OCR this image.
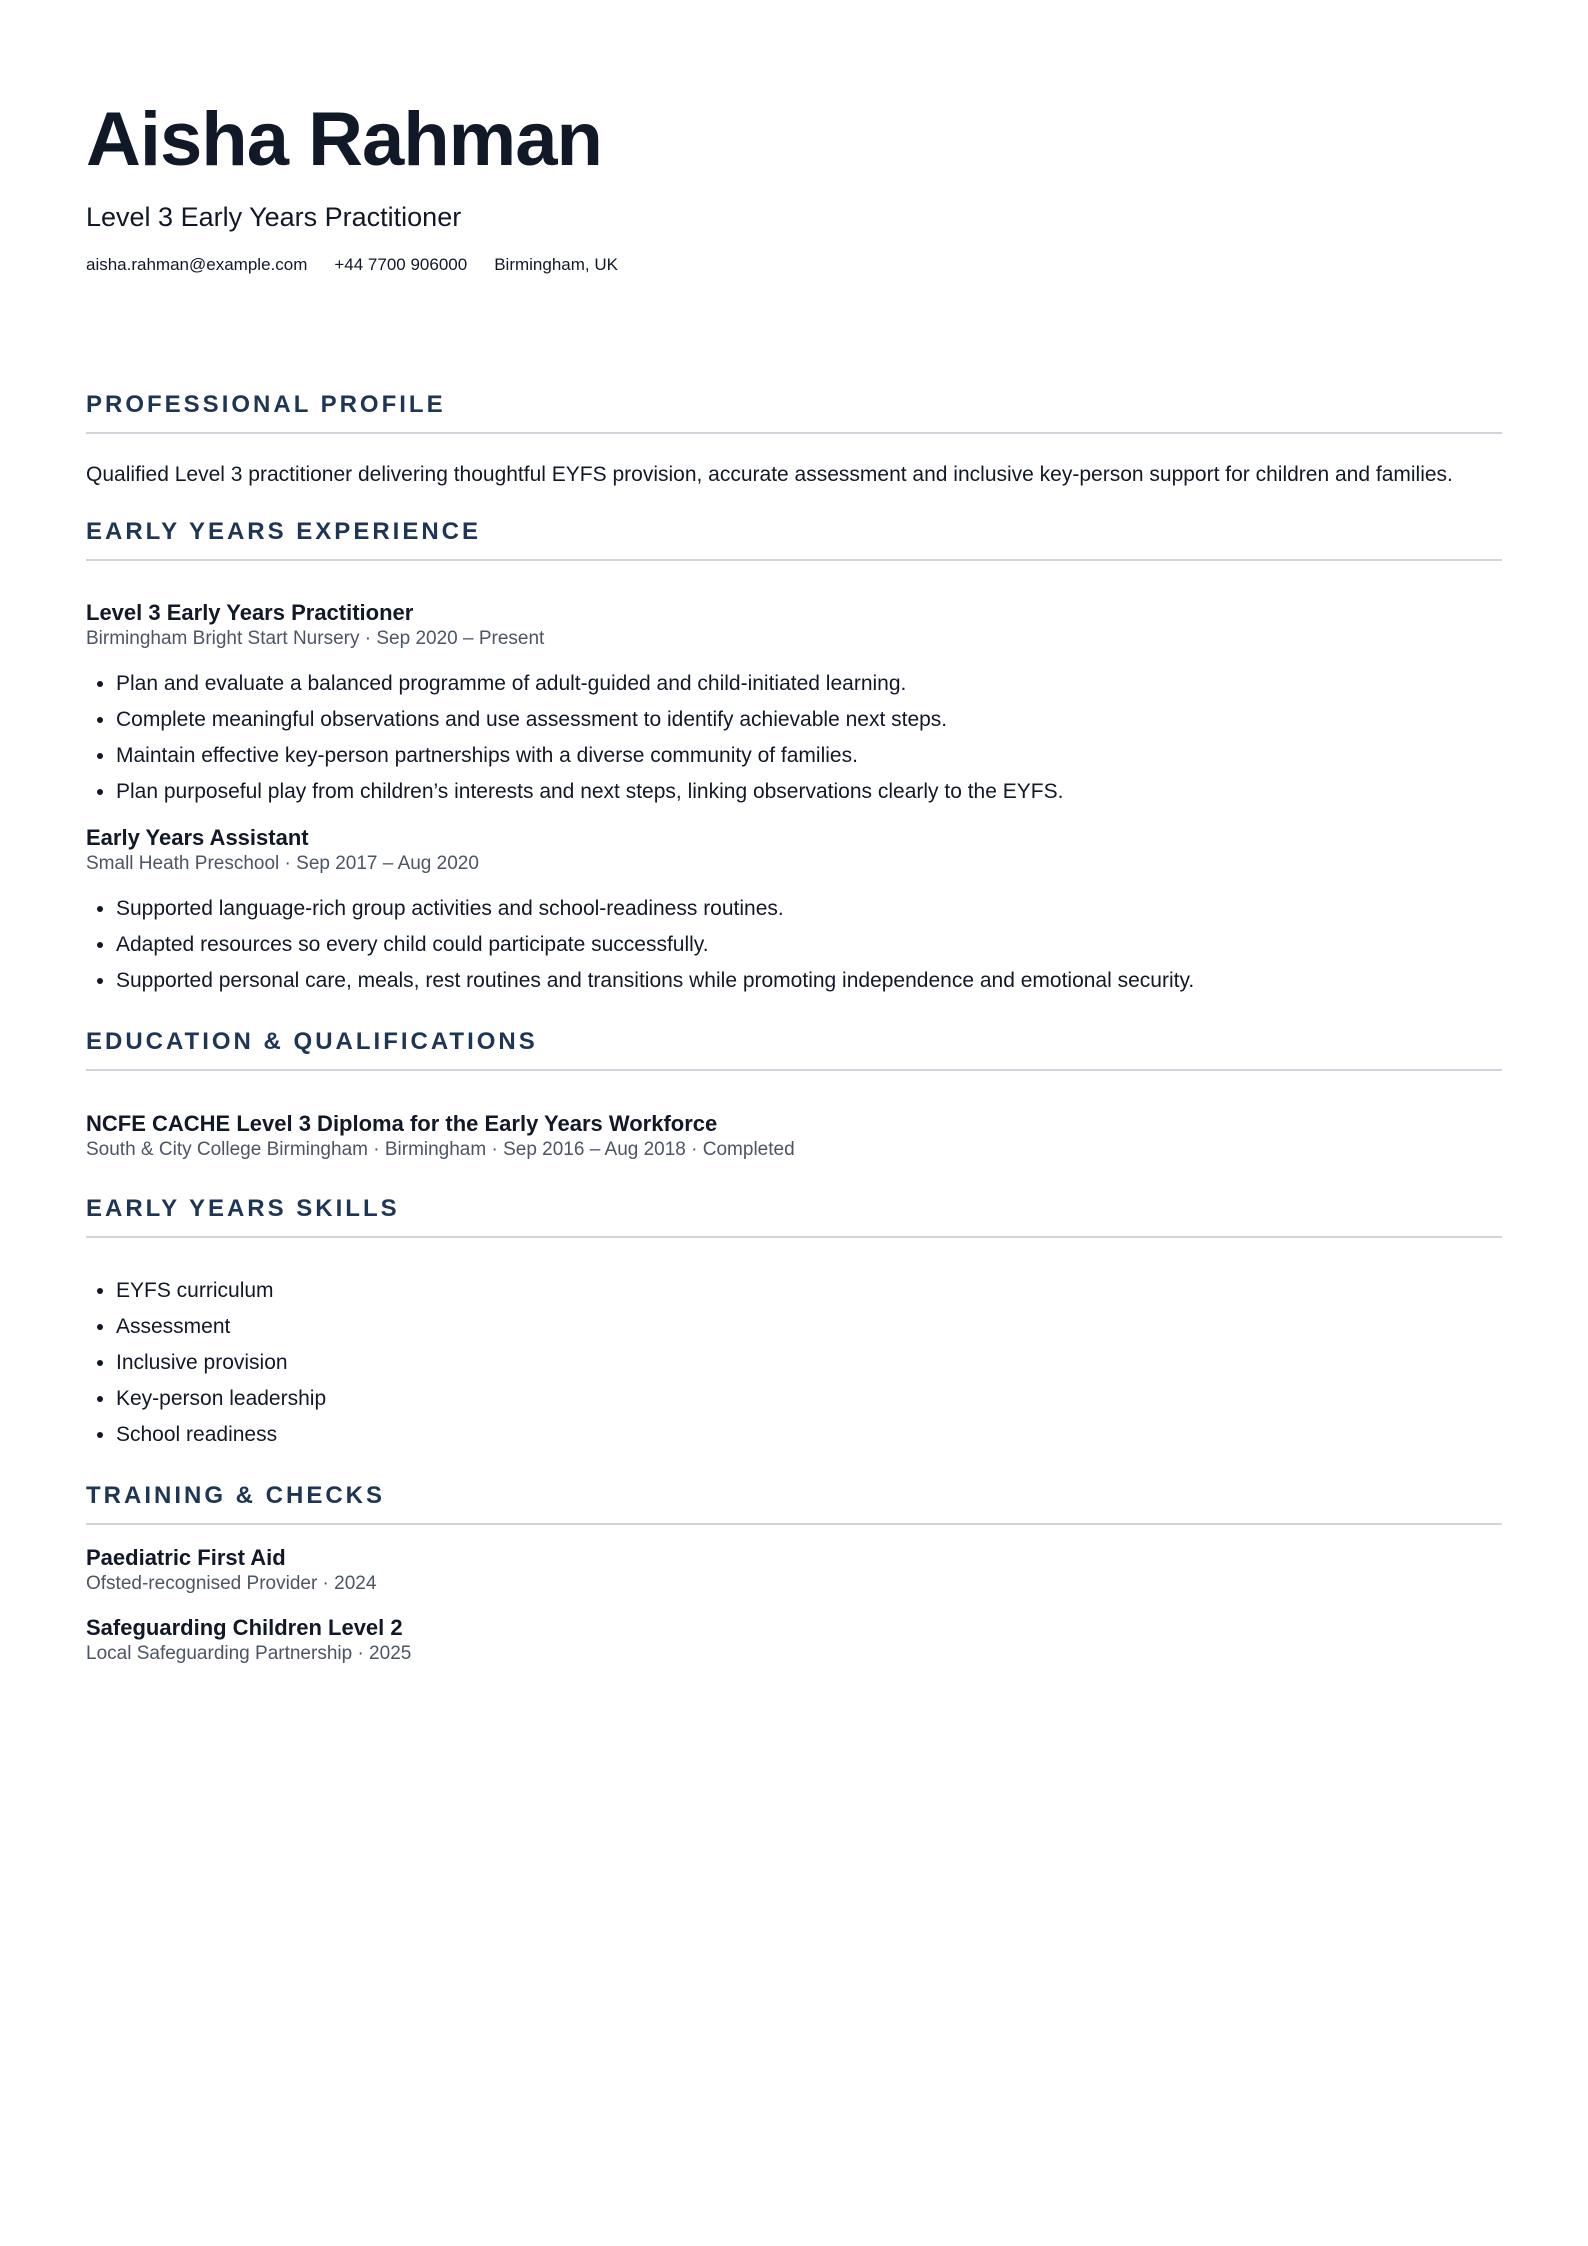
Aisha Rahman
Level 3 Early Years Practitioner
aisha.rahman@example.com +44 7700 906000 Birmingham, UK
PROFESSIONAL PROFILE
Qualified Level 3 practitioner delivering thoughtful EYFS provision, accurate assessment and inclusive key-person support for children and families.
EARLY YEARS EXPERIENCE
Level 3 Early Years Practitioner
Birmingham Bright Start Nursery · Sep 2020 – Present
• Plan and evaluate a balanced programme of adult-guided and child-initiated learning.
• Complete meaningful observations and use assessment to identify achievable next steps.
• Maintain effective key-person partnerships with a diverse community of families.
• Plan purposeful play from children’s interests and next steps, linking observations clearly to the EYFS.
Early Years Assistant
Small Heath Preschool · Sep 2017 – Aug 2020
• Supported language-rich group activities and school-readiness routines.
• Adapted resources so every child could participate successfully.
• Supported personal care, meals, rest routines and transitions while promoting independence and emotional security.
EDUCATION & QUALIFICATIONS
NCFE CACHE Level 3 Diploma for the Early Years Workforce
South & City College Birmingham · Birmingham · Sep 2016 – Aug 2018 · Completed
EARLY YEARS SKILLS
• EYFS curriculum
• Assessment
• Inclusive provision
• Key-person leadership
• School readiness
TRAINING & CHECKS
Paediatric First Aid
Ofsted-recognised Provider · 2024
Safeguarding Children Level 2
Local Safeguarding Partnership · 2025
